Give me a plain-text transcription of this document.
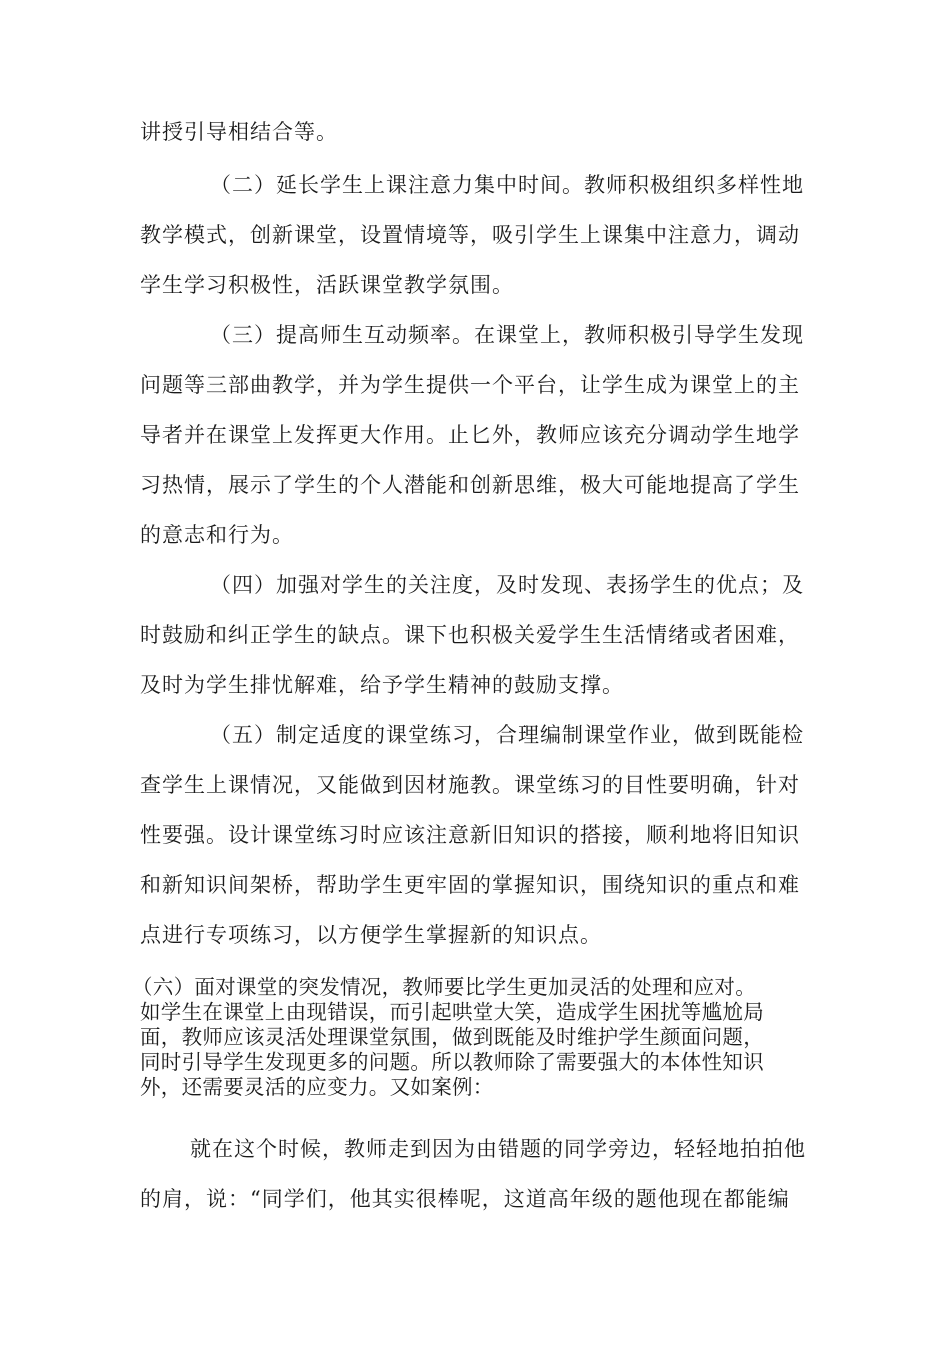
讲授引导相结合等。
（二）延长学生上课注意力集中时间。教师积极组织多样性地
教学模式，创新课堂，设置情境等，吸引学生上课集中注意力，调动
学生学习积极性，活跃课堂教学氛围。
（三）提高师生互动频率。在课堂上，教师积极引导学生发现
问题等三部曲教学，并为学生提供一个平台，让学生成为课堂上的主
导者并在课堂上发挥更大作用。止匕外，教师应该充分调动学生地学
习热情，展示了学生的个人潜能和创新思维，极大可能地提高了学生
的意志和行为。
（四）加强对学生的关注度，及时发现、表扬学生的优点；及
时鼓励和纠正学生的缺点。课下也积极关爱学生生活情绪或者困难，
及时为学生排忧解难，给予学生精神的鼓励支撑。
（五）制定适度的课堂练习，合理编制课堂作业，做到既能检
查学生上课情况，又能做到因材施教。课堂练习的目性要明确，针对
性要强。设计课堂练习时应该注意新旧知识的搭接，顺利地将旧知识
和新知识间架桥，帮助学生更牢固的掌握知识，围绕知识的重点和难
点进行专项练习，以方便学生掌握新的知识点。
（六）面对课堂的突发情况，教师要比学生更加灵活的处理和应对。
如学生在课堂上由现错误，而引起哄堂大笑，造成学生困扰等尴尬局
面，教师应该灵活处理课堂氛围，做到既能及时维护学生颜面问题，
同时引导学生发现更多的问题。所以教师除了需要强大的本体性知识
外，还需要灵活的应变力。又如案例：
就在这个时候，教师走到因为由错题的同学旁边，轻轻地拍拍他
的肩，说：“同学们，他其实很棒呢，这道高年级的题他现在都能编
